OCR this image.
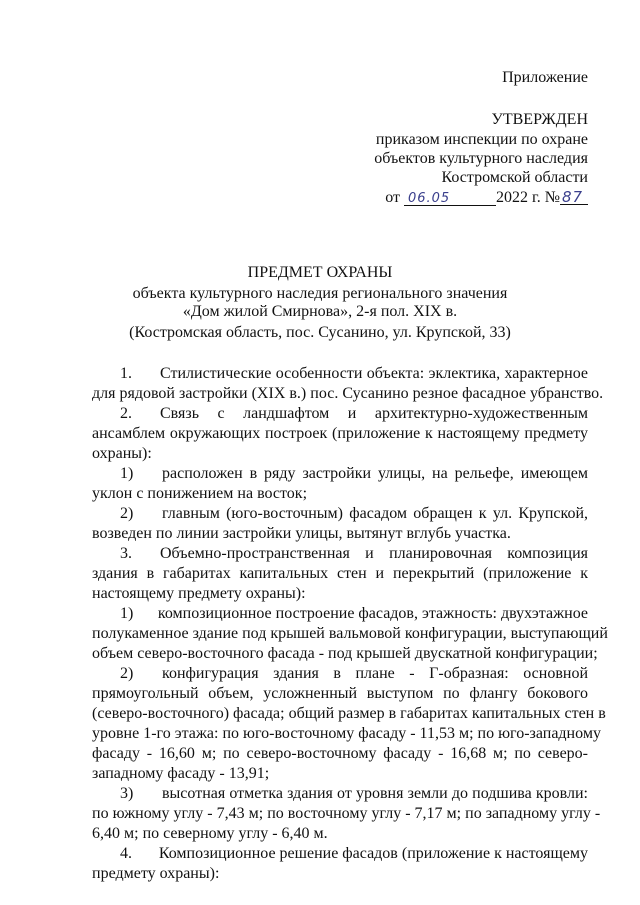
Приложение
УТВЕРЖДЕН
приказом инспекции по охране
объектов культурного наследия
Костромской области
от 06.05	2022 г. № 87
ПРЕДМЕТ ОХРАНЫ
объекта культурного наследия регионального значения
«Дом жилой Смирнова», 2-я пол. XIX в.
(Костромская область, пос. Сусанино, ул. Крупской, 33)
1.	Стилистические особенности объекта: эклектика, характерное
для рядовой застройки (XIX в.) пос. Сусанино резное фасадное убранство.
2.	Связь с ландшафтом и архитектурно-художественным
ансамблем окружающих построек (приложение к настоящему предмету
охраны):
1)	расположен в ряду застройки улицы, на рельефе, имеющем
уклон с понижением на восток;
2)	главным (юго-восточным) фасадом обращен к ул. Крупской,
возведен по линии застройки улицы, вытянут вглубь участка.
3.	Объемно-пространственная и планировочная композиция
здания в габаритах капитальных стен и перекрытий (приложение к
настоящему предмету охраны):
1)	композиционное построение фасадов, этажность: двухэтажное
полукаменное здание под крышей вальмовой конфигурации, выступающий
объем северо-восточного фасада - под крышей двускатной конфигурации;
2)	конфигурация здания в плане - Г-образная: основной
прямоугольный объем, усложненный выступом по флангу бокового
(северо-восточного) фасада; общий размер в габаритах капитальных стен в
уровне 1-го этажа: по юго-восточному фасаду - 11,53 м; по юго-западному
фасаду - 16,60 м; по северо-восточному фасаду - 16,68 м; по северо-
западному фасаду - 13,91;
3)	высотная отметка здания от уровня земли до подшива кровли:
по южному углу - 7,43 м; по восточному углу - 7,17 м; по западному углу -
6,40 м; по северному углу - 6,40 м.
4.	Композиционное решение фасадов (приложение к настоящему
предмету охраны):
